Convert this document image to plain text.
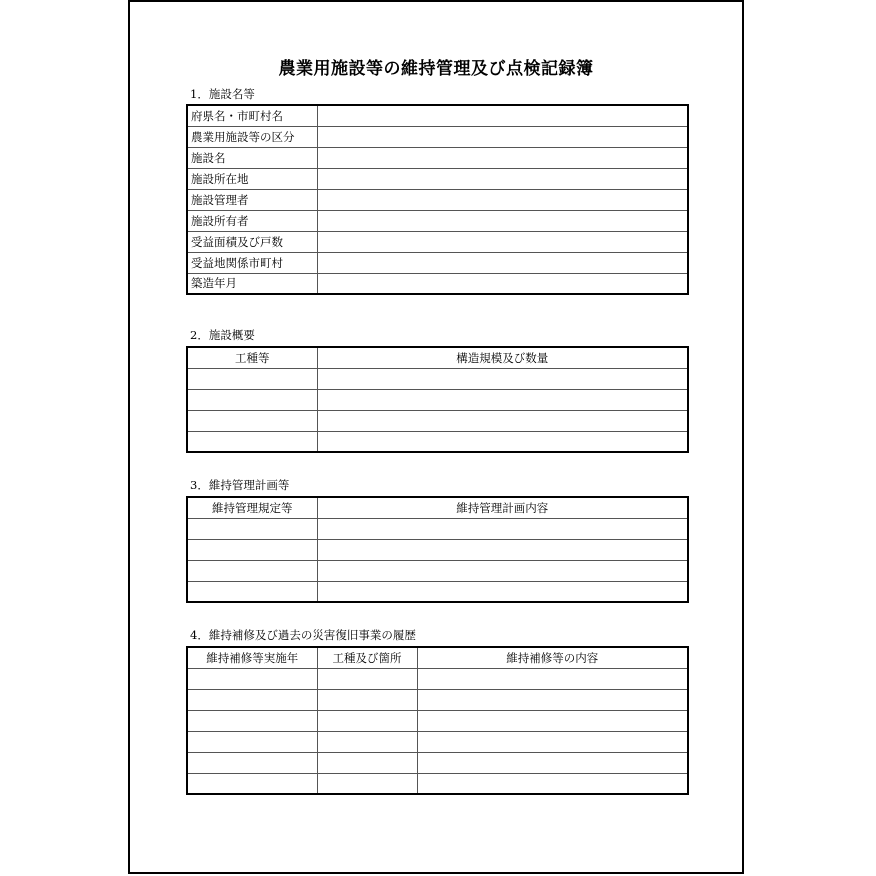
農業用施設等の維持管理及び点検記録簿
1．施設名等
府県名・市町村名	
農業用施設等の区分	
施設名	
施設所在地	
施設管理者	
施設所有者	
受益面積及び戸数	
受益地関係市町村	
築造年月	
2．施設概要
工種等	構造規模及び数量

3．維持管理計画等
維持管理規定等	維持管理計画内容

4．維持補修及び過去の災害復旧事業の履歴
維持補修等実施年	工種及び箇所	維持補修等の内容
